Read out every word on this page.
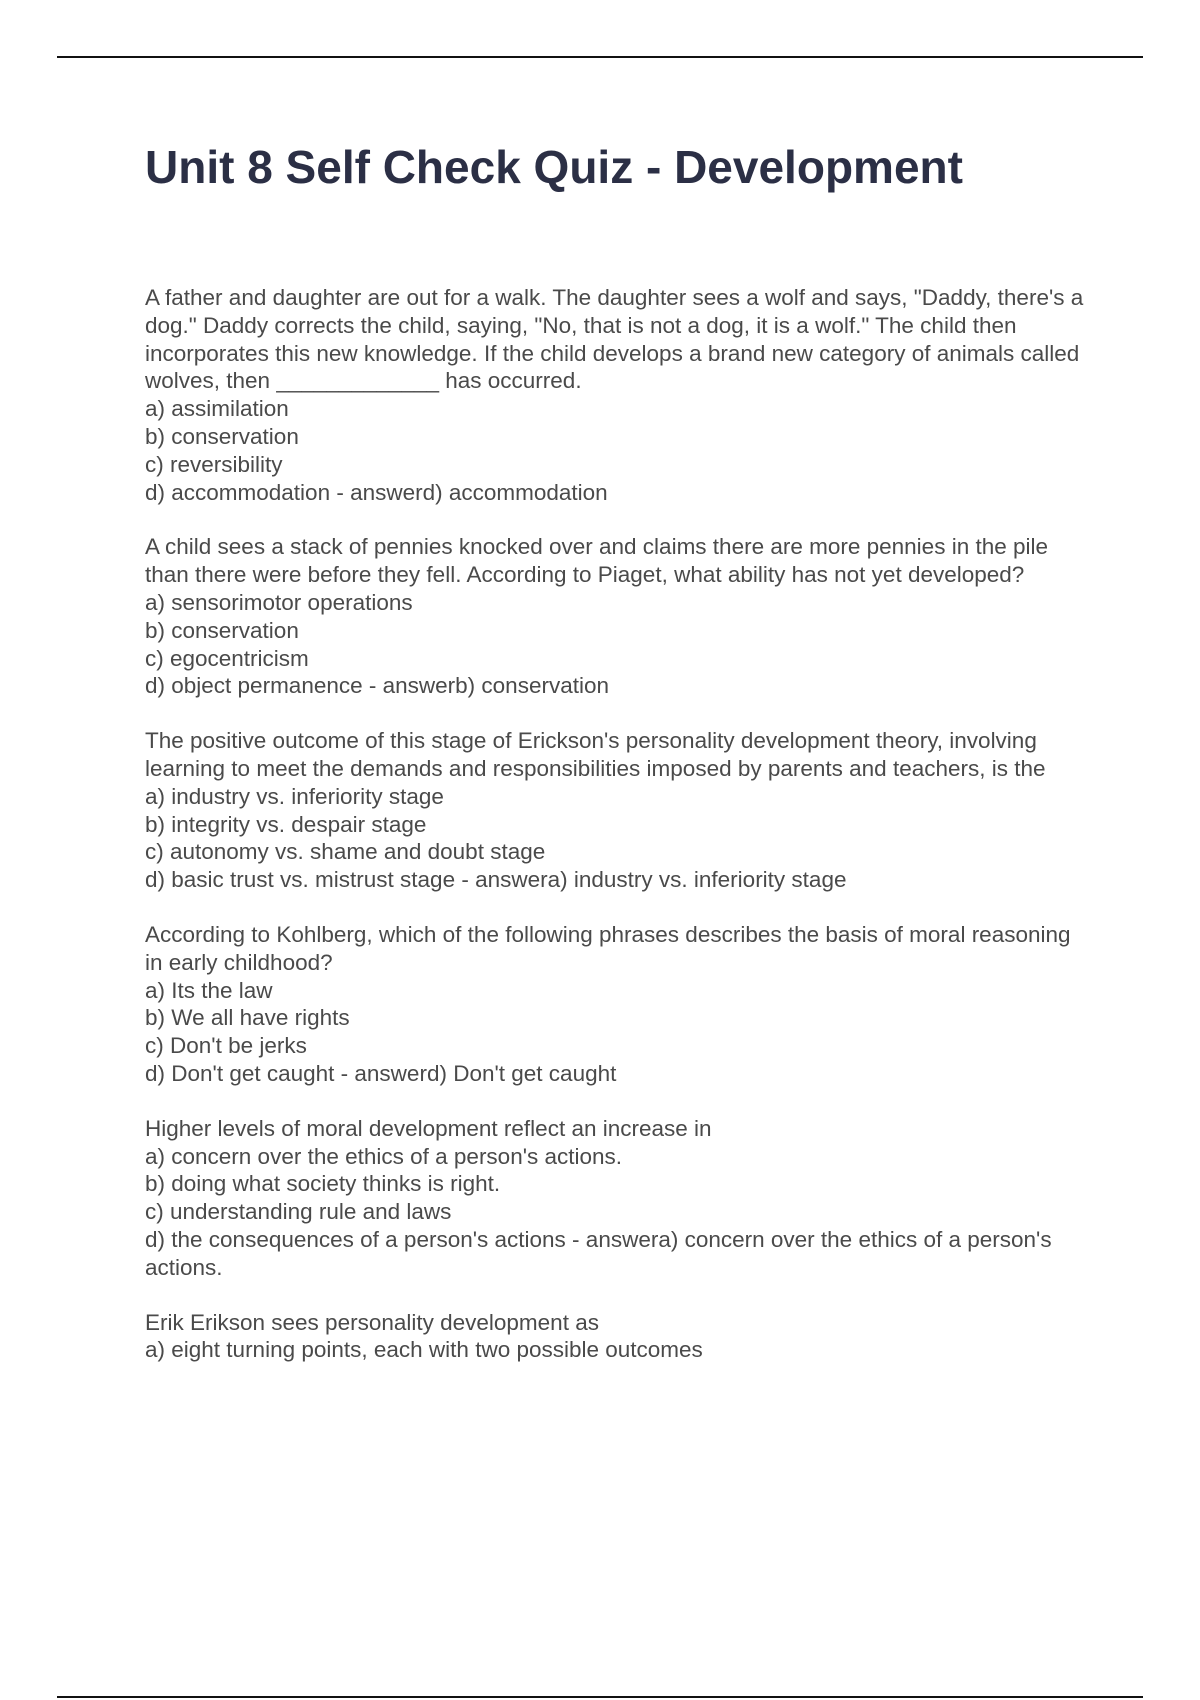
Unit 8 Self Check Quiz - Development

A father and daughter are out for a walk. The daughter sees a wolf and says, "Daddy, there's a dog." Daddy corrects the child, saying, "No, that is not a dog, it is a wolf." The child then incorporates this new knowledge. If the child develops a brand new category of animals called wolves, then _____________ has occurred.

a) assimilation

b) conservation

c) reversibility

d) accommodation - answerd) accommodation

A child sees a stack of pennies knocked over and claims there are more pennies in the pile than there were before they fell. According to Piaget, what ability has not yet developed?

a) sensorimotor operations

b) conservation

c) egocentricism

d) object permanence - answerb) conservation

The positive outcome of this stage of Erickson's personality development theory, involving learning to meet the demands and responsibilities imposed by parents and teachers, is the

a) industry vs. inferiority stage

b) integrity vs. despair stage

c) autonomy vs. shame and doubt stage

d) basic trust vs. mistrust stage - answera) industry vs. inferiority stage

According to Kohlberg, which of the following phrases describes the basis of moral reasoning in early childhood?

a) Its the law

b) We all have rights

c) Don't be jerks

d) Don't get caught - answerd) Don't get caught

Higher levels of moral development reflect an increase in

a) concern over the ethics of a person's actions.

b) doing what society thinks is right.

c) understanding rule and laws

d) the consequences of a person's actions - answera) concern over the ethics of a person's actions.

Erik Erikson sees personality development as

a) eight turning points, each with two possible outcomes
